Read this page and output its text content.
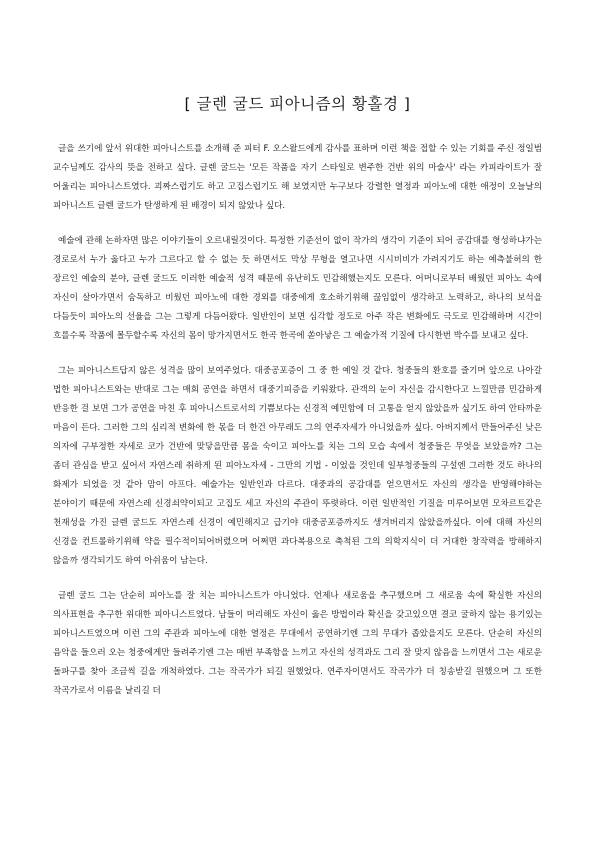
[ 글렌 굴드 피아니즘의 황홀경 ]

글을 쓰기에 앞서 위대한 피아니스트를 소개해 준 피터 F. 오스왈드에게 감사를 표하며 이런 책을 접할 수 있는 기회를 주신 정일범 교수님께도 감사의 뜻을 전하고 싶다. 글렌 굴드는 '모든 작품을 자기 스타일로 변주한 건반 위의 마술사' 라는 카피라이트가 잘 어울리는 피아니스트였다. 괴짜스럽기도 하고 고집스럽기도 해 보였지만 누구보다 강렬한 열정과 피아노에 대한 애정이 오늘날의 피아니스트 글렌 굴드가 탄생하게 된 배경이 되지 않았나 싶다.

예술에 관해 논하자면 많은 이야기들이 오르내릴것이다. 특정한 기준선이 없이 작가의 생각이 기준이 되어 공감대를 형성하냐가는 경로로서 누가 옳다고 누가 그르다고 할 수 없는 듯 하면서도 막상 무형을 열고나면 시시비비가 가려지기도 하는 예측불허의 한 장르인 예술의 분야, 글렌 굴드도 이러한 예술적 성격 때문에 유난히도 민감해했는지도 모른다. 어머니로부터 배웠던 피아노 속에 자신이 살아가면서 숨독하고 비웠던 피아노에 대한 경외를 대중에게 호소하기위해 끊임없이 생각하고 노력하고, 하나의 보석을 다듬듯이 피아노의 선율을 그는 그렇게 다듬어왔다. 일반인이 보면 심각할 정도로 아주 작은 변화에도 극도로 민감해하며 시간이 흐를수록 작품에 몰두할수록 자신의 몸이 망가지면서도 한곡 한곡에 쏟아낳은 그 예술가적 기질에 다시한번 박수를 보내고 싶다.

그는 피아니스트답지 않은 성격을 많이 보여주었다. 대중공포증이 그 중 한 예일 것 같다. 청중들의 환호를 즐기며 앞으로 나아갈 법한 피아니스트와는 반대로 그는 매회 공연을 하면서 대중기피증을 키워왔다. 관객의 눈이 자신을 감시한다고 느낄만큼 민감하게 반응한 걸 보면 그가 공연을 마친 후 피아니스트로서의 기쁨보다는 신경적 예민함에 더 고통을 얻지 않았을까 싶기도 하여 안타까운 마음이 든다. 그러한 그의 심리적 변화에 한 몫을 더 한건 아무래도 그의 연주자세가 아니었을까 싶다. 아버지께서 만들어주신 낮은 의자에 구부정한 자세로 코가 건반에 맞닿을만큼 몸을 숙이고 피아노를 치는 그의 모습 속에서 청중들은 무엇을 보았을까? 그는 좀더 관심을 받고 싶어서 자연스레 취하게 된 피아노자세 - 그만의 기법 - 이었을 것인데 일부청중들의 구설엔 그러한 것도 하나의 화제가 되었을 것 같아 맘이 아프다. 예술가는 일반인과 다르다. 대중과의 공감대를 얻으면서도 자신의 생각을 반영해야하는 분야이기 때문에 자연스레 신경쇠약이되고 고집도 세고 자신의 주관이 뚜렷하다. 이런 일반적인 기질을 미루어보면 모차르트같은 천재성을 가진 글렌 굴드도 자연스레 신경이 예민해지고 급기야 대중공포증까지도 생겨버리지 않았을까싶다. 이에 대해 자신의 신경을 컨트롤하기위해 약을 필수적이되어버렸으며 어쩌면 과다복용으로 축척된 그의 의학지식이 더 거대한 창작력을 방해하지 않을까 생각되기도 하여 아쉬움이 남는다.

글렌 굴드 그는 단순히 피아노를 잘 치는 피아니스트가 아니었다. 언제나 새로움을 추구했으며 그 새로움 속에 확실한 자신의 의사표현을 추구한 위대한 피아니스트였다. 남들이 머리해도 자신이 옳은 방법이라 확신을 갖고있으면 결코 굴하지 않는 용기있는 피아니스트였으며 이런 그의 주관과 피아노에 대한 열정은 무대에서 공연하기엔 그의 무대가 좁았을지도 모른다. 단순히 자신의 음악을 들으러 오는 청중에게만 들려주기엔 그는 매번 부족함을 느끼고 자신의 성격과도 그리 잘 맞지 않음을 느끼면서 그는 새로운 돌파구를 찾아 조금씩 길을 개척하였다. 그는 작곡가가 되길 원했었다. 연주자이면서도 작곡가가 더 칭송받길 원했으며 그 또한 작곡가로서 이름을 날리길 더
